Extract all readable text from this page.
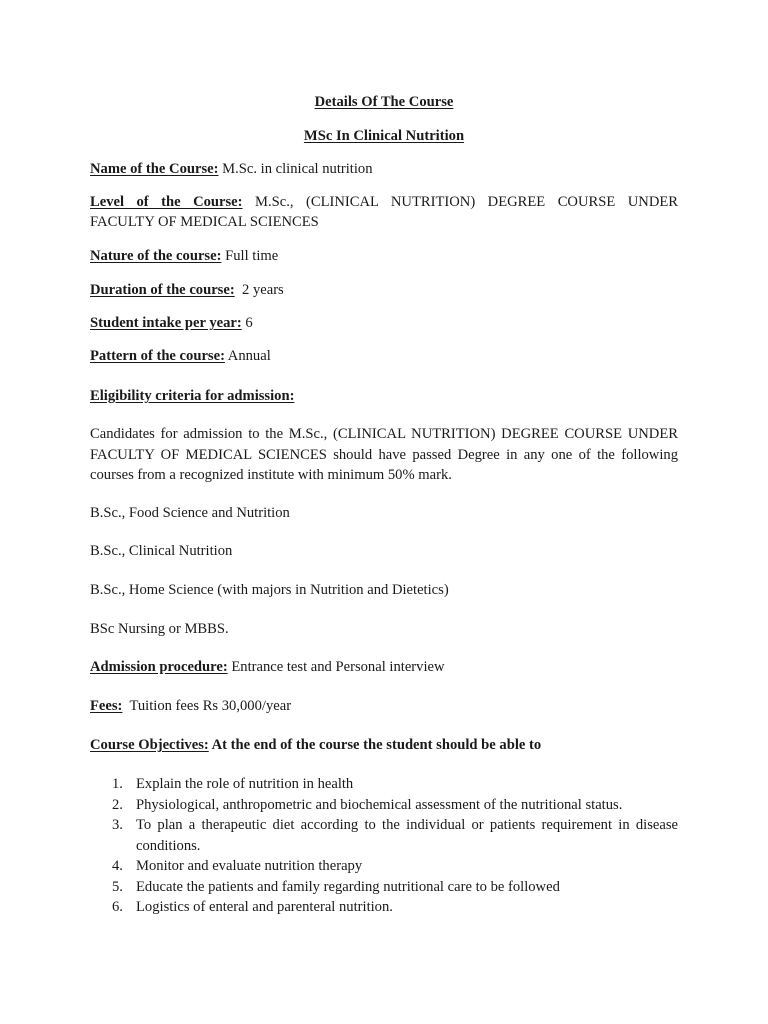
Details Of The Course
MSc In Clinical Nutrition
Name of the Course: M.Sc. in clinical nutrition
Level of the Course: M.Sc., (CLINICAL NUTRITION) DEGREE COURSE UNDER
FACULTY OF MEDICAL SCIENCES
Nature of the course: Full time
Duration of the course:  2 years
Student intake per year: 6
Pattern of the course: Annual
Eligibility criteria for admission:
Candidates for admission to the M.Sc., (CLINICAL NUTRITION) DEGREE COURSE UNDER FACULTY OF MEDICAL SCIENCES should have passed Degree in any one of the following courses from a recognized institute with minimum 50% mark.
B.Sc., Food Science and Nutrition
B.Sc., Clinical Nutrition
B.Sc., Home Science (with majors in Nutrition and Dietetics)
BSc Nursing or MBBS.
Admission procedure: Entrance test and Personal interview
Fees:  Tuition fees Rs 30,000/year
Course Objectives: At the end of the course the student should be able to
1. Explain the role of nutrition in health
2. Physiological, anthropometric and biochemical assessment of the nutritional status.
3. To plan a therapeutic diet according to the individual or patients requirement in disease conditions.
4. Monitor and evaluate nutrition therapy
5. Educate the patients and family regarding nutritional care to be followed
6. Logistics of enteral and parenteral nutrition.
